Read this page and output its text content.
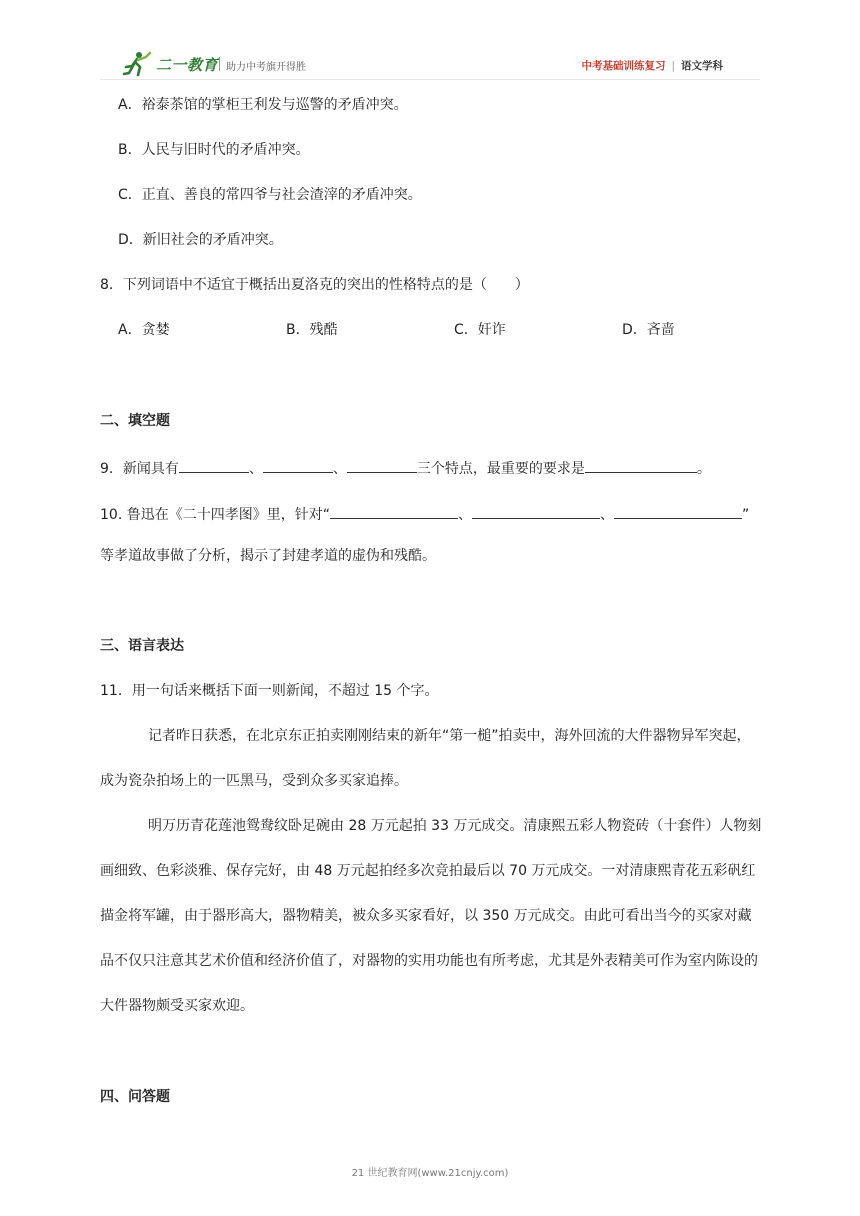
二一教育 助力中考旗开得胜	中考基础训练复习 | 语文学科
A．裕泰茶馆的掌柜王利发与巡警的矛盾冲突。
B．人民与旧时代的矛盾冲突。
C．正直、善良的常四爷与社会渣滓的矛盾冲突。
D．新旧社会的矛盾冲突。
8．下列词语中不适宜于概括出夏洛克的突出的性格特点的是（　　）
A．贪婪	B．残酷	C．奸诈	D．吝啬
二、填空题
9．新闻具有	、	、	三个特点，最重要的要求是	。
10. 鲁迅在《二十四孝图》里，针对“	、	、	”
等孝道故事做了分析，揭示了封建孝道的虚伪和残酷。
三、语言表达
11．用一句话来概括下面一则新闻，不超过 15 个字。
记者昨日获悉，在北京东正拍卖刚刚结束的新年“第一槌”拍卖中，海外回流的大件器物异军突起，成为瓷杂拍场上的一匹黑马，受到众多买家追捧。
明万历青花莲池鸳鸯纹卧足碗由 28 万元起拍 33 万元成交。清康熙五彩人物瓷砖（十套件）人物刻画细致、色彩淡雅、保存完好，由 48 万元起拍经多次竞拍最后以 70 万元成交。一对清康熙青花五彩矾红描金将军罐，由于器形高大，器物精美，被众多买家看好，以 350 万元成交。由此可看出当今的买家对藏品不仅只注意其艺术价值和经济价值了，对器物的实用功能也有所考虑，尤其是外表精美可作为室内陈设的大件器物颇受买家欢迎。
四、问答题
21 世纪教育网(www.21cnjy.com)
